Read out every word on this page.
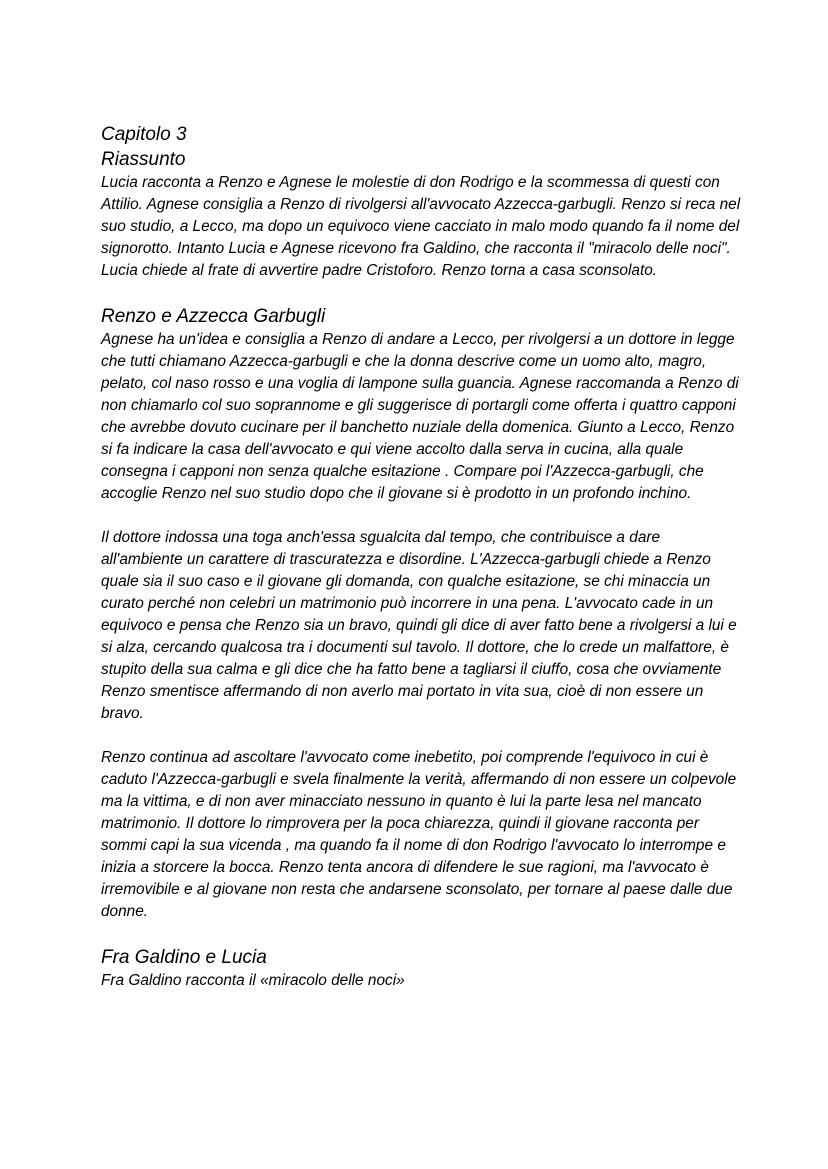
Capitolo 3
Riassunto

Lucia racconta a Renzo e Agnese le molestie di don Rodrigo e la scommessa di questi con Attilio. Agnese consiglia a Renzo di rivolgersi all'avvocato Azzecca-garbugli. Renzo si reca nel suo studio, a Lecco, ma dopo un equivoco viene cacciato in malo modo quando fa il nome del signorotto. Intanto Lucia e Agnese ricevono fra Galdino, che racconta il "miracolo delle noci". Lucia chiede al frate di avvertire padre Cristoforo. Renzo torna a casa sconsolato.

Renzo e Azzecca Garbugli

Agnese ha un'idea e consiglia a Renzo di andare a Lecco, per rivolgersi a un dottore in legge che tutti chiamano Azzecca-garbugli e che la donna descrive come un uomo alto, magro, pelato, col naso rosso e una voglia di lampone sulla guancia. Agnese raccomanda a Renzo di non chiamarlo col suo soprannome e gli suggerisce di portargli come offerta i quattro capponi che avrebbe dovuto cucinare per il banchetto nuziale della domenica. Giunto a Lecco, Renzo si fa indicare la casa dell'avvocato e qui viene accolto dalla serva in cucina, alla quale consegna i capponi non senza qualche esitazione . Compare poi l'Azzecca-garbugli, che accoglie Renzo nel suo studio dopo che il giovane si è prodotto in un profondo inchino.

Il dottore indossa una toga anch'essa sgualcita dal tempo, che contribuisce a dare all'ambiente un carattere di trascuratezza e disordine. L'Azzecca-garbugli chiede a Renzo quale sia il suo caso e il giovane gli domanda, con qualche esitazione, se chi minaccia un curato perché non celebri un matrimonio può incorrere in una pena. L'avvocato cade in un equivoco e pensa che Renzo sia un bravo, quindi gli dice di aver fatto bene a rivolgersi a lui e si alza, cercando qualcosa tra i documenti sul tavolo. Il dottore, che lo crede un malfattore, è stupito della sua calma e gli dice che ha fatto bene a tagliarsi il ciuffo, cosa che ovviamente Renzo smentisce affermando di non averlo mai portato in vita sua, cioè di non essere un bravo.

Renzo continua ad ascoltare l'avvocato come inebetito, poi comprende l'equivoco in cui è caduto l'Azzecca-garbugli e svela finalmente la verità, affermando di non essere un colpevole ma la vittima, e di non aver minacciato nessuno in quanto è lui la parte lesa nel mancato matrimonio. Il dottore lo rimprovera per la poca chiarezza, quindi il giovane racconta per sommi capi la sua vicenda , ma quando fa il nome di don Rodrigo l'avvocato lo interrompe e inizia a storcere la bocca. Renzo tenta ancora di difendere le sue ragioni, ma l'avvocato è irremovibile e al giovane non resta che andarsene sconsolato, per tornare al paese dalle due donne.

Fra Galdino e Lucia

Fra Galdino racconta il «miracolo delle noci»
